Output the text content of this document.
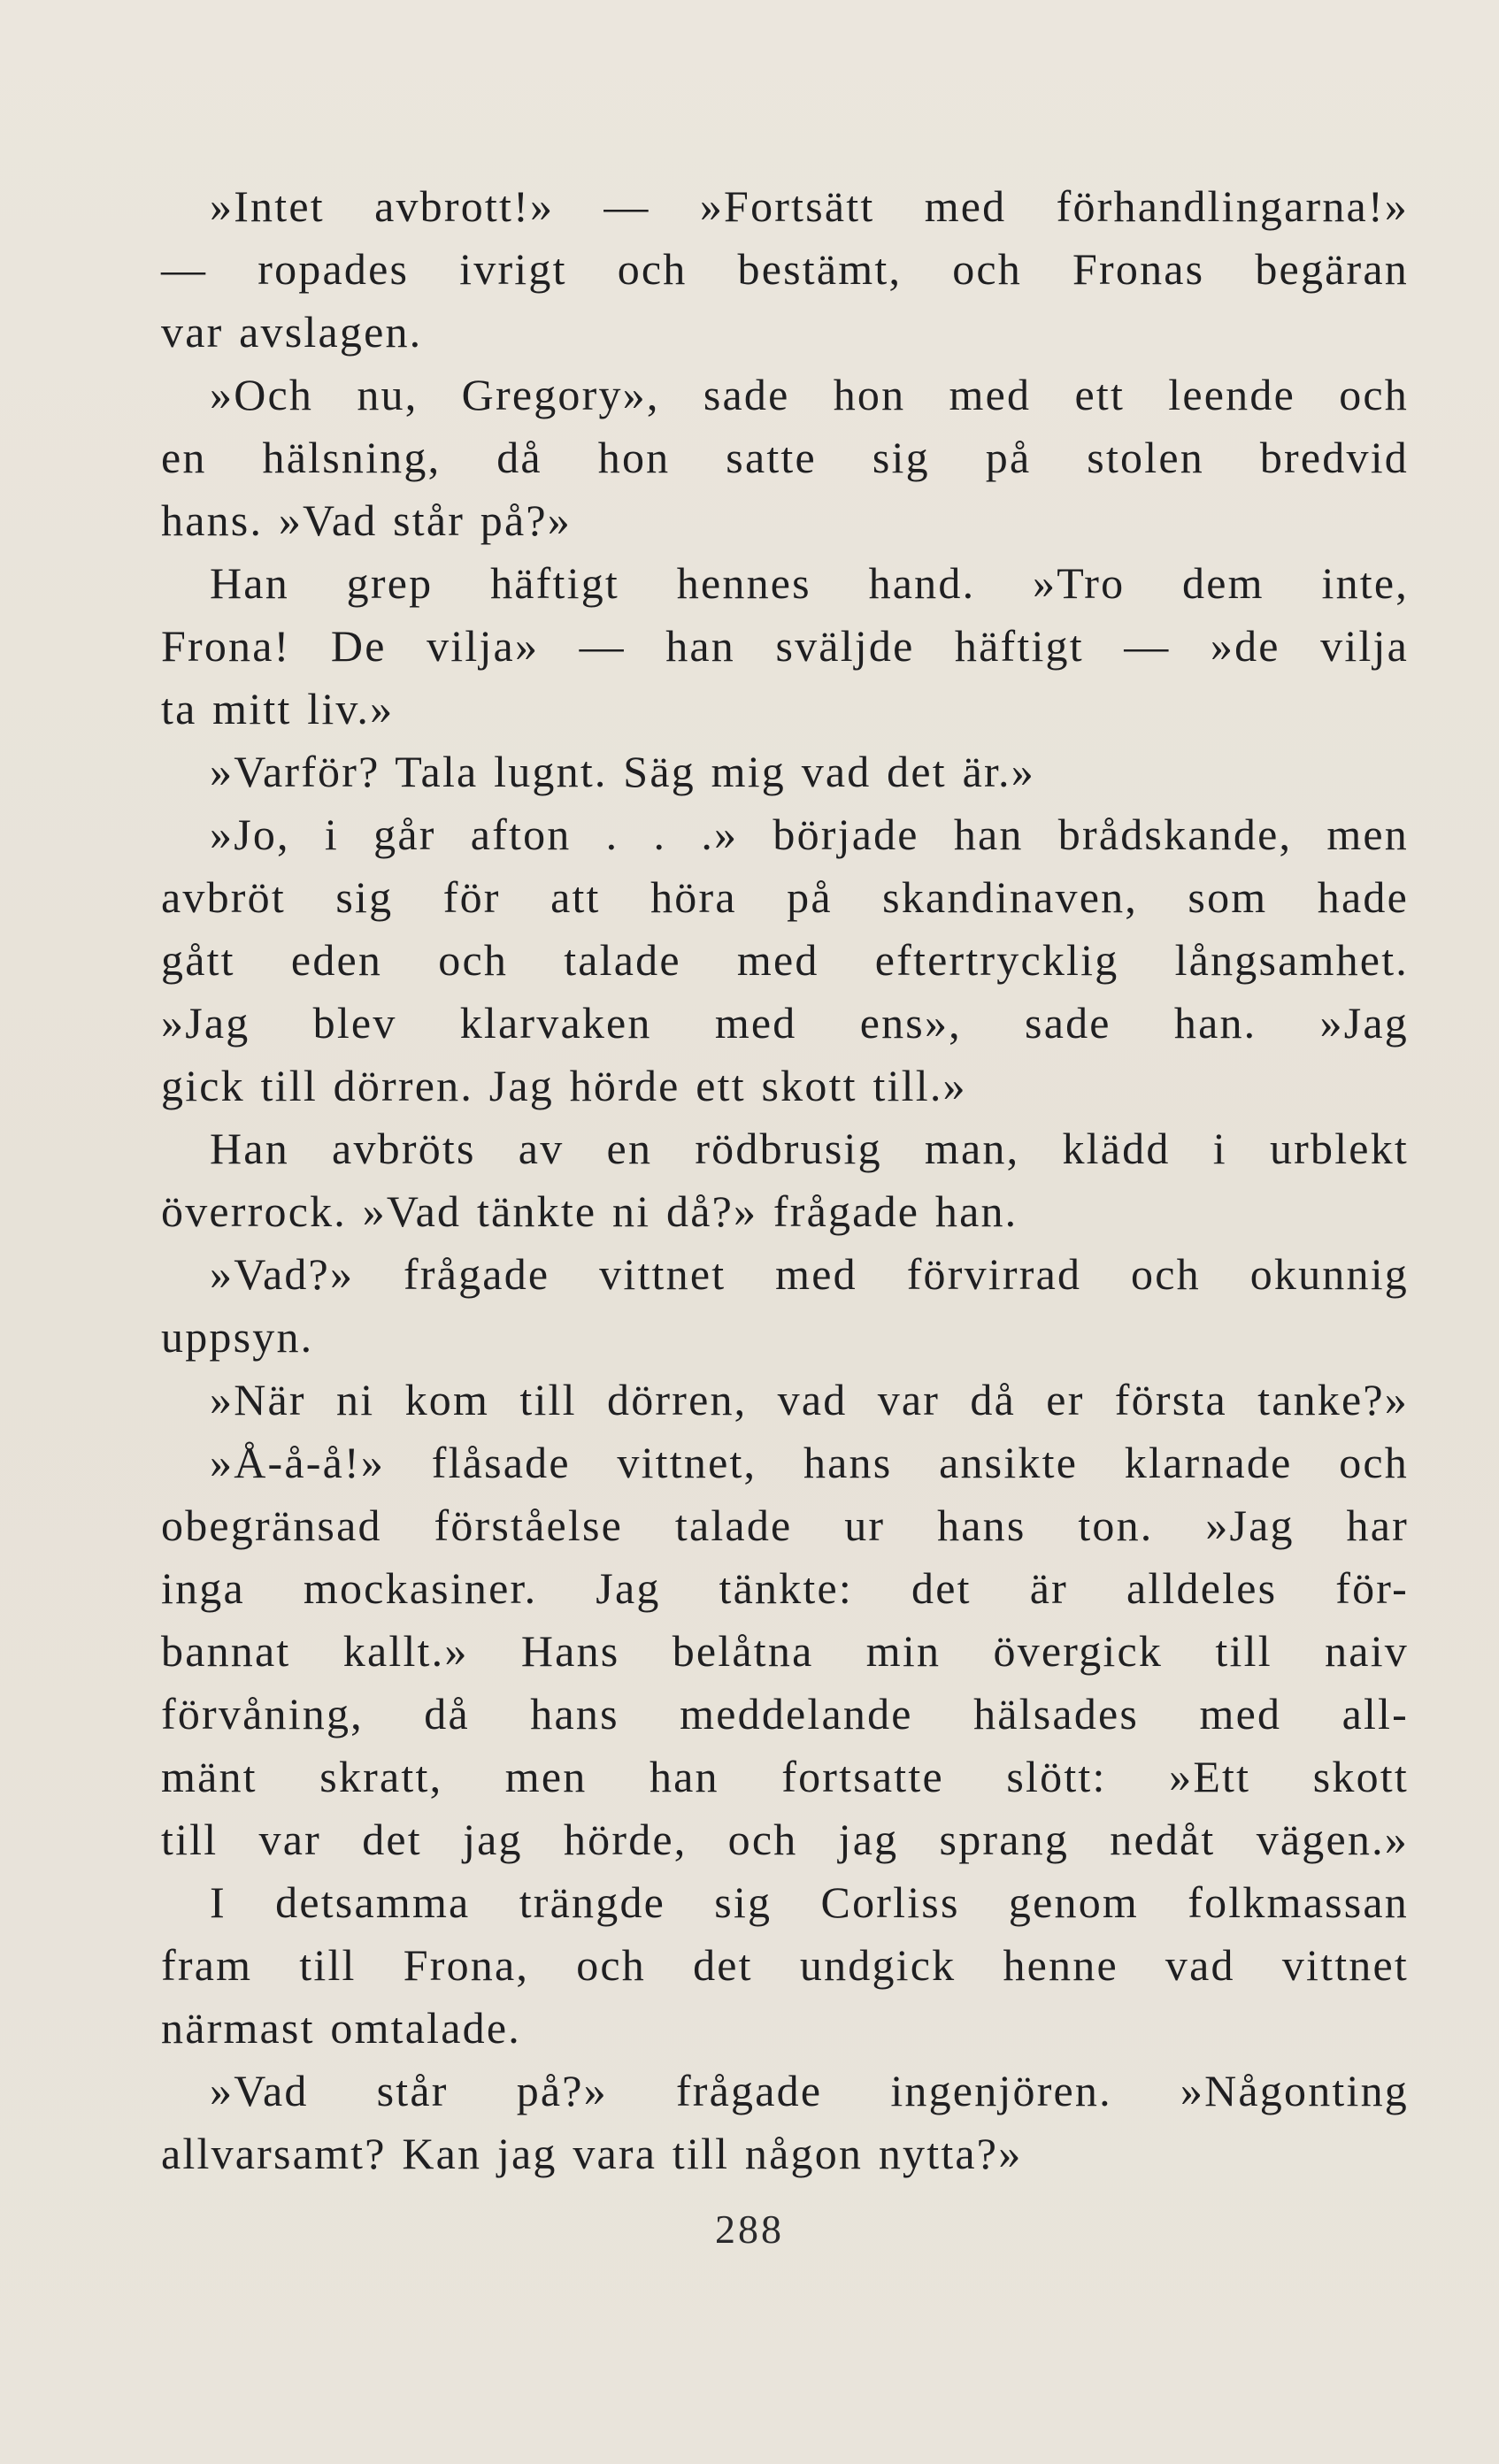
»Intet avbrott!» — »Fortsätt med förhandlingarna!»
— ropades ivrigt och bestämt, och Fronas begäran
var avslagen.
»Och nu, Gregory», sade hon med ett leende och
en hälsning, då hon satte sig på stolen bredvid
hans. »Vad står på?»
Han grep häftigt hennes hand. »Tro dem inte,
Frona! De vilja» — han sväljde häftigt — »de vilja
ta mitt liv.»
»Varför? Tala lugnt. Säg mig vad det är.»
»Jo, i går afton . . .» började han brådskande, men
avbröt sig för att höra på skandinaven, som hade
gått eden och talade med eftertrycklig långsamhet.
»Jag blev klarvaken med ens», sade han. »Jag
gick till dörren. Jag hörde ett skott till.»
Han avbröts av en rödbrusig man, klädd i urblekt
överrock. »Vad tänkte ni då?» frågade han.
»Vad?» frågade vittnet med förvirrad och okunnig
uppsyn.
»När ni kom till dörren, vad var då er första tanke?»
»Å-å-å!» flåsade vittnet, hans ansikte klarnade och
obegränsad förståelse talade ur hans ton. »Jag har
inga mockasiner. Jag tänkte: det är alldeles för-
bannat kallt.» Hans belåtna min övergick till naiv
förvåning, då hans meddelande hälsades med all-
mänt skratt, men han fortsatte slött: »Ett skott
till var det jag hörde, och jag sprang nedåt vägen.»
I detsamma trängde sig Corliss genom folkmassan
fram till Frona, och det undgick henne vad vittnet
närmast omtalade.
»Vad står på?» frågade ingenjören. »Någonting
allvarsamt? Kan jag vara till någon nytta?»
288
